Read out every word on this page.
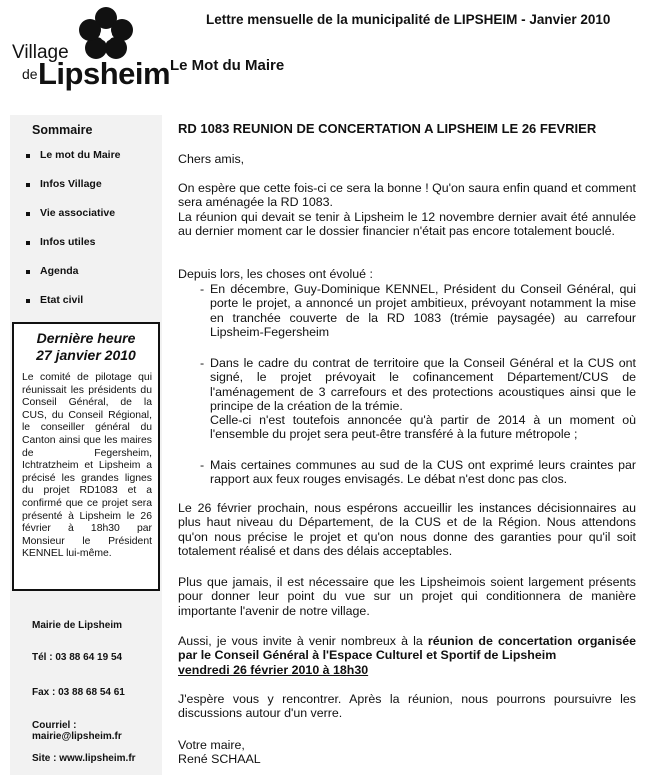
Village
de Lipsheim
Lettre mensuelle de la municipalité de LIPSHEIM - Janvier 2010
Le Mot du Maire
Sommaire
Le mot du Maire
Infos Village
Vie associative
Infos utiles
Agenda
Etat civil
Dernière heure
27 janvier 2010
Le comité de pilotage qui réunissait les présidents du Conseil Général, de la CUS, du Conseil Régional, le conseiller général du Canton ainsi que les maires de Fegersheim, Ichtratzheim et Lipsheim a précisé les grandes lignes du projet RD1083 et a confirmé que ce projet sera présenté à Lipsheim le 26 février à 18h30 par Monsieur le Président KENNEL lui-même.
Mairie de Lipsheim
Tél : 03 88 64 19 54
Fax : 03 88 68 54 61
Courriel : mairie@lipsheim.fr
Site : www.lipsheim.fr
RD 1083 REUNION DE CONCERTATION A LIPSHEIM LE 26 FEVRIER
Chers amis,

On espère que cette fois-ci ce sera la bonne ! Qu'on saura enfin quand et comment sera aménagée la RD 1083.

La réunion qui devait se tenir à Lipsheim le 12 novembre dernier avait été annulée au dernier moment car le dossier financier n'était pas encore totalement bouclé.

Depuis lors, les choses ont évolué :
- En décembre, Guy-Dominique KENNEL, Président du Conseil Général, qui porte le projet, a annoncé un projet ambitieux, prévoyant notamment la mise en tranchée couverte de la RD 1083 (trémie paysagée) au carrefour Lipsheim-Fegersheim
- Dans le cadre du contrat de territoire que la Conseil Général et la CUS ont signé, le projet prévoyait le cofinancement Département/CUS de l'aménagement de 3 carrefours et des protections acoustiques ainsi que le principe de la création de la trémie.
Celle-ci n'est toutefois annoncée qu'à partir de 2014 à un moment où l'ensemble du projet sera peut-être transféré à la future métropole ;
- Mais certaines communes au sud de la CUS ont exprimé leurs craintes par rapport aux feux rouges envisagés. Le débat n'est donc pas clos.
Le 26 février prochain, nous espérons accueillir les instances décisionnaires au plus haut niveau du Département, de la CUS et de la Région. Nous attendons qu'on nous précise le projet et qu'on nous donne des garanties pour qu'il soit totalement réalisé et dans des délais acceptables.
Plus que jamais, il est nécessaire que les Lipsheimois soient largement présents pour donner leur point du vue sur un projet qui conditionnera de manière importante l'avenir de notre village.
Aussi, je vous invite à venir nombreux à la réunion de concertation organisée par le Conseil Général à l'Espace Culturel et Sportif de Lipsheim
vendredi 26 février 2010 à 18h30
J'espère vous y rencontrer. Après la réunion, nous pourrons poursuivre les discussions autour d'un verre.

Votre maire,

René SCHAAL
